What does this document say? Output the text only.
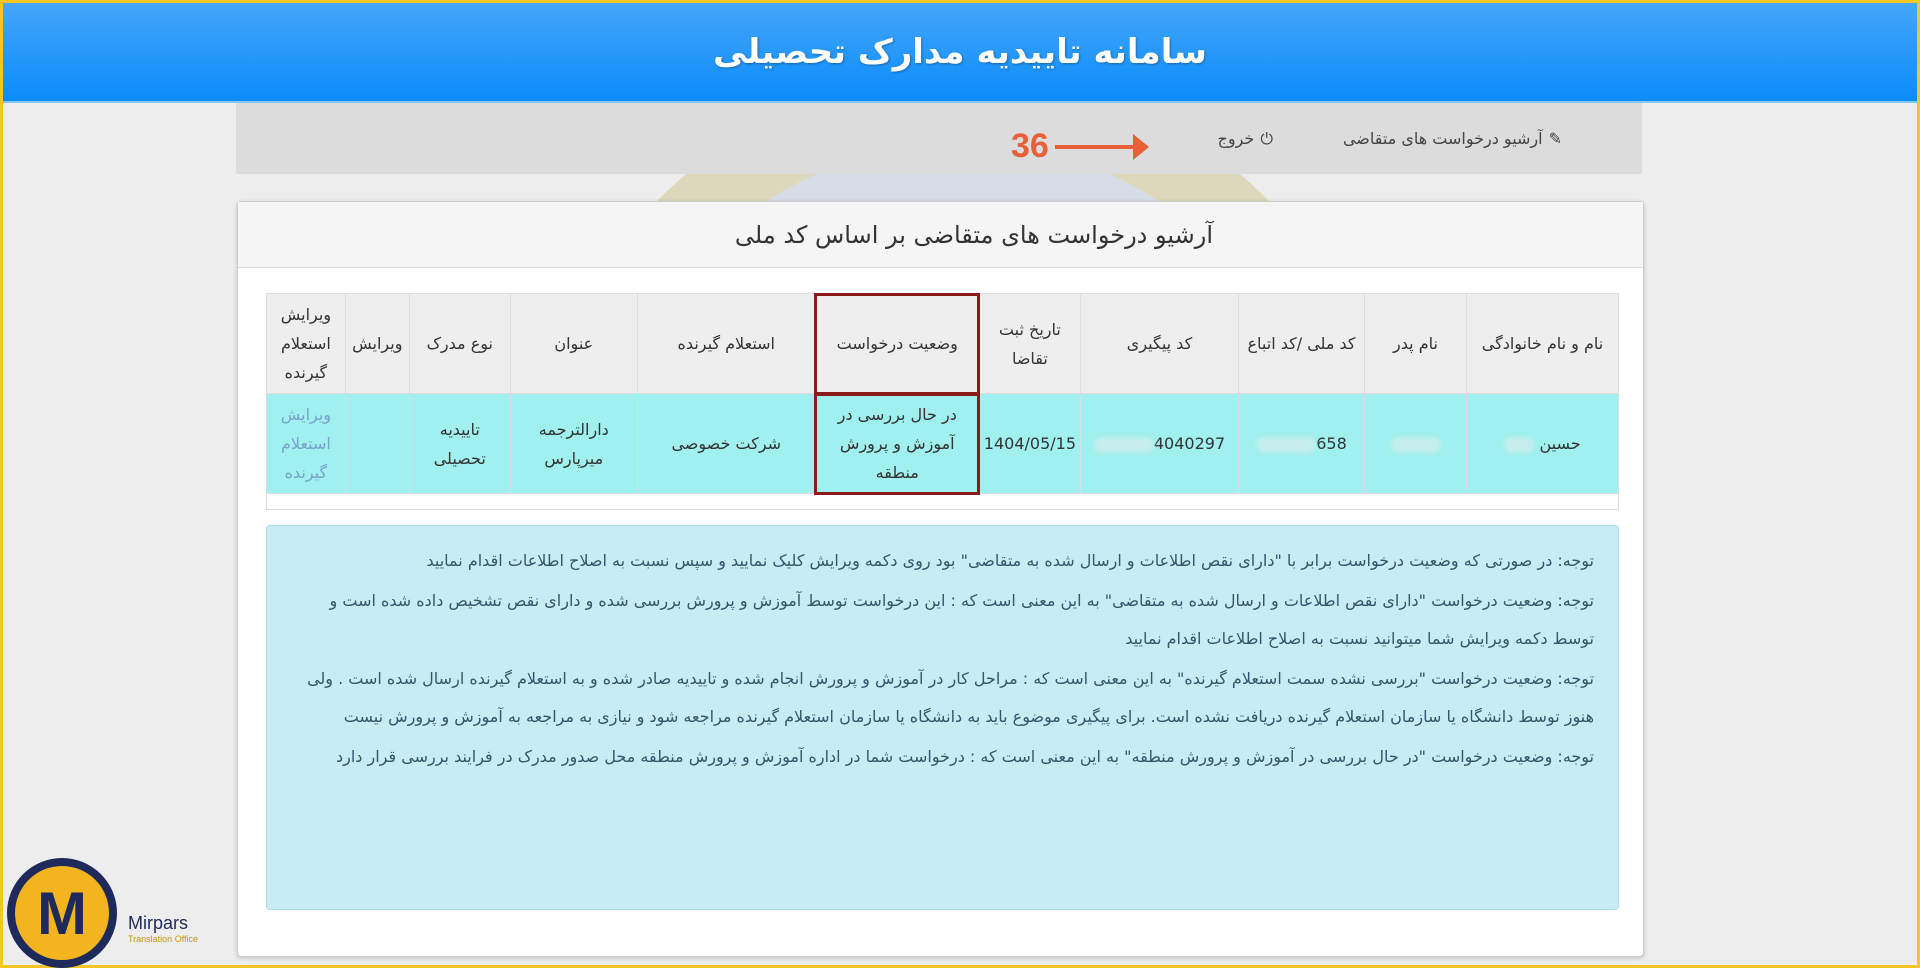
سامانه تاییدیه مدارک تحصیلی
✎
آرشیو درخواست های متقاضی
⏻
خروج
36
آرشیو درخواست های متقاضی بر اساس کد ملی
نام و نام خانوادگی	نام پدر	کد ملی /کد اتباع	کد پیگیری	تاریخ ثبت تقاضا	وضعیت درخواست	استعلام گیرنده	عنوان	نوع مدرک	ویرایش	ویرایش استعلام گیرنده
حسین		658	4040297	1404/05/15	در حال بررسی در آموزش و پرورش منطقه	شرکت خصوصی	دارالترجمه میرپارس	تاییدیه تحصیلی		ویرایش استعلام گیرنده

توجه: در صورتی که وضعیت درخواست برابر با "دارای نقص اطلاعات و ارسال شده به متقاضی" بود روی دکمه ویرایش کلیک نمایید و سپس نسبت به اصلاح اطلاعات اقدام نمایید

توجه: وضعیت درخواست "دارای نقص اطلاعات و ارسال شده به متقاضی" به این معنی است که : این درخواست توسط آموزش و پرورش بررسی شده و دارای نقص تشخیص داده شده است و توسط دکمه ویرایش شما میتوانید نسبت به اصلاح اطلاعات اقدام نمایید

توجه: وضعیت درخواست "بررسی نشده سمت استعلام گیرنده" به این معنی است که : مراحل کار در آموزش و پرورش انجام شده و تاییدیه صادر شده و به استعلام گیرنده ارسال شده است . ولی هنوز توسط دانشگاه یا سازمان استعلام گیرنده دریافت نشده است. برای پیگیری موضوع باید به دانشگاه یا سازمان استعلام گیرنده مراجعه شود و نیازی به مراجعه به آموزش و پرورش نیست

توجه: وضعیت درخواست "در حال بررسی در آموزش و پرورش منطقه" به این معنی است که : درخواست شما در اداره آموزش و پرورش منطقه محل صدور مدرک در فرایند بررسی قرار دارد

M Mirpars
Translation Office
